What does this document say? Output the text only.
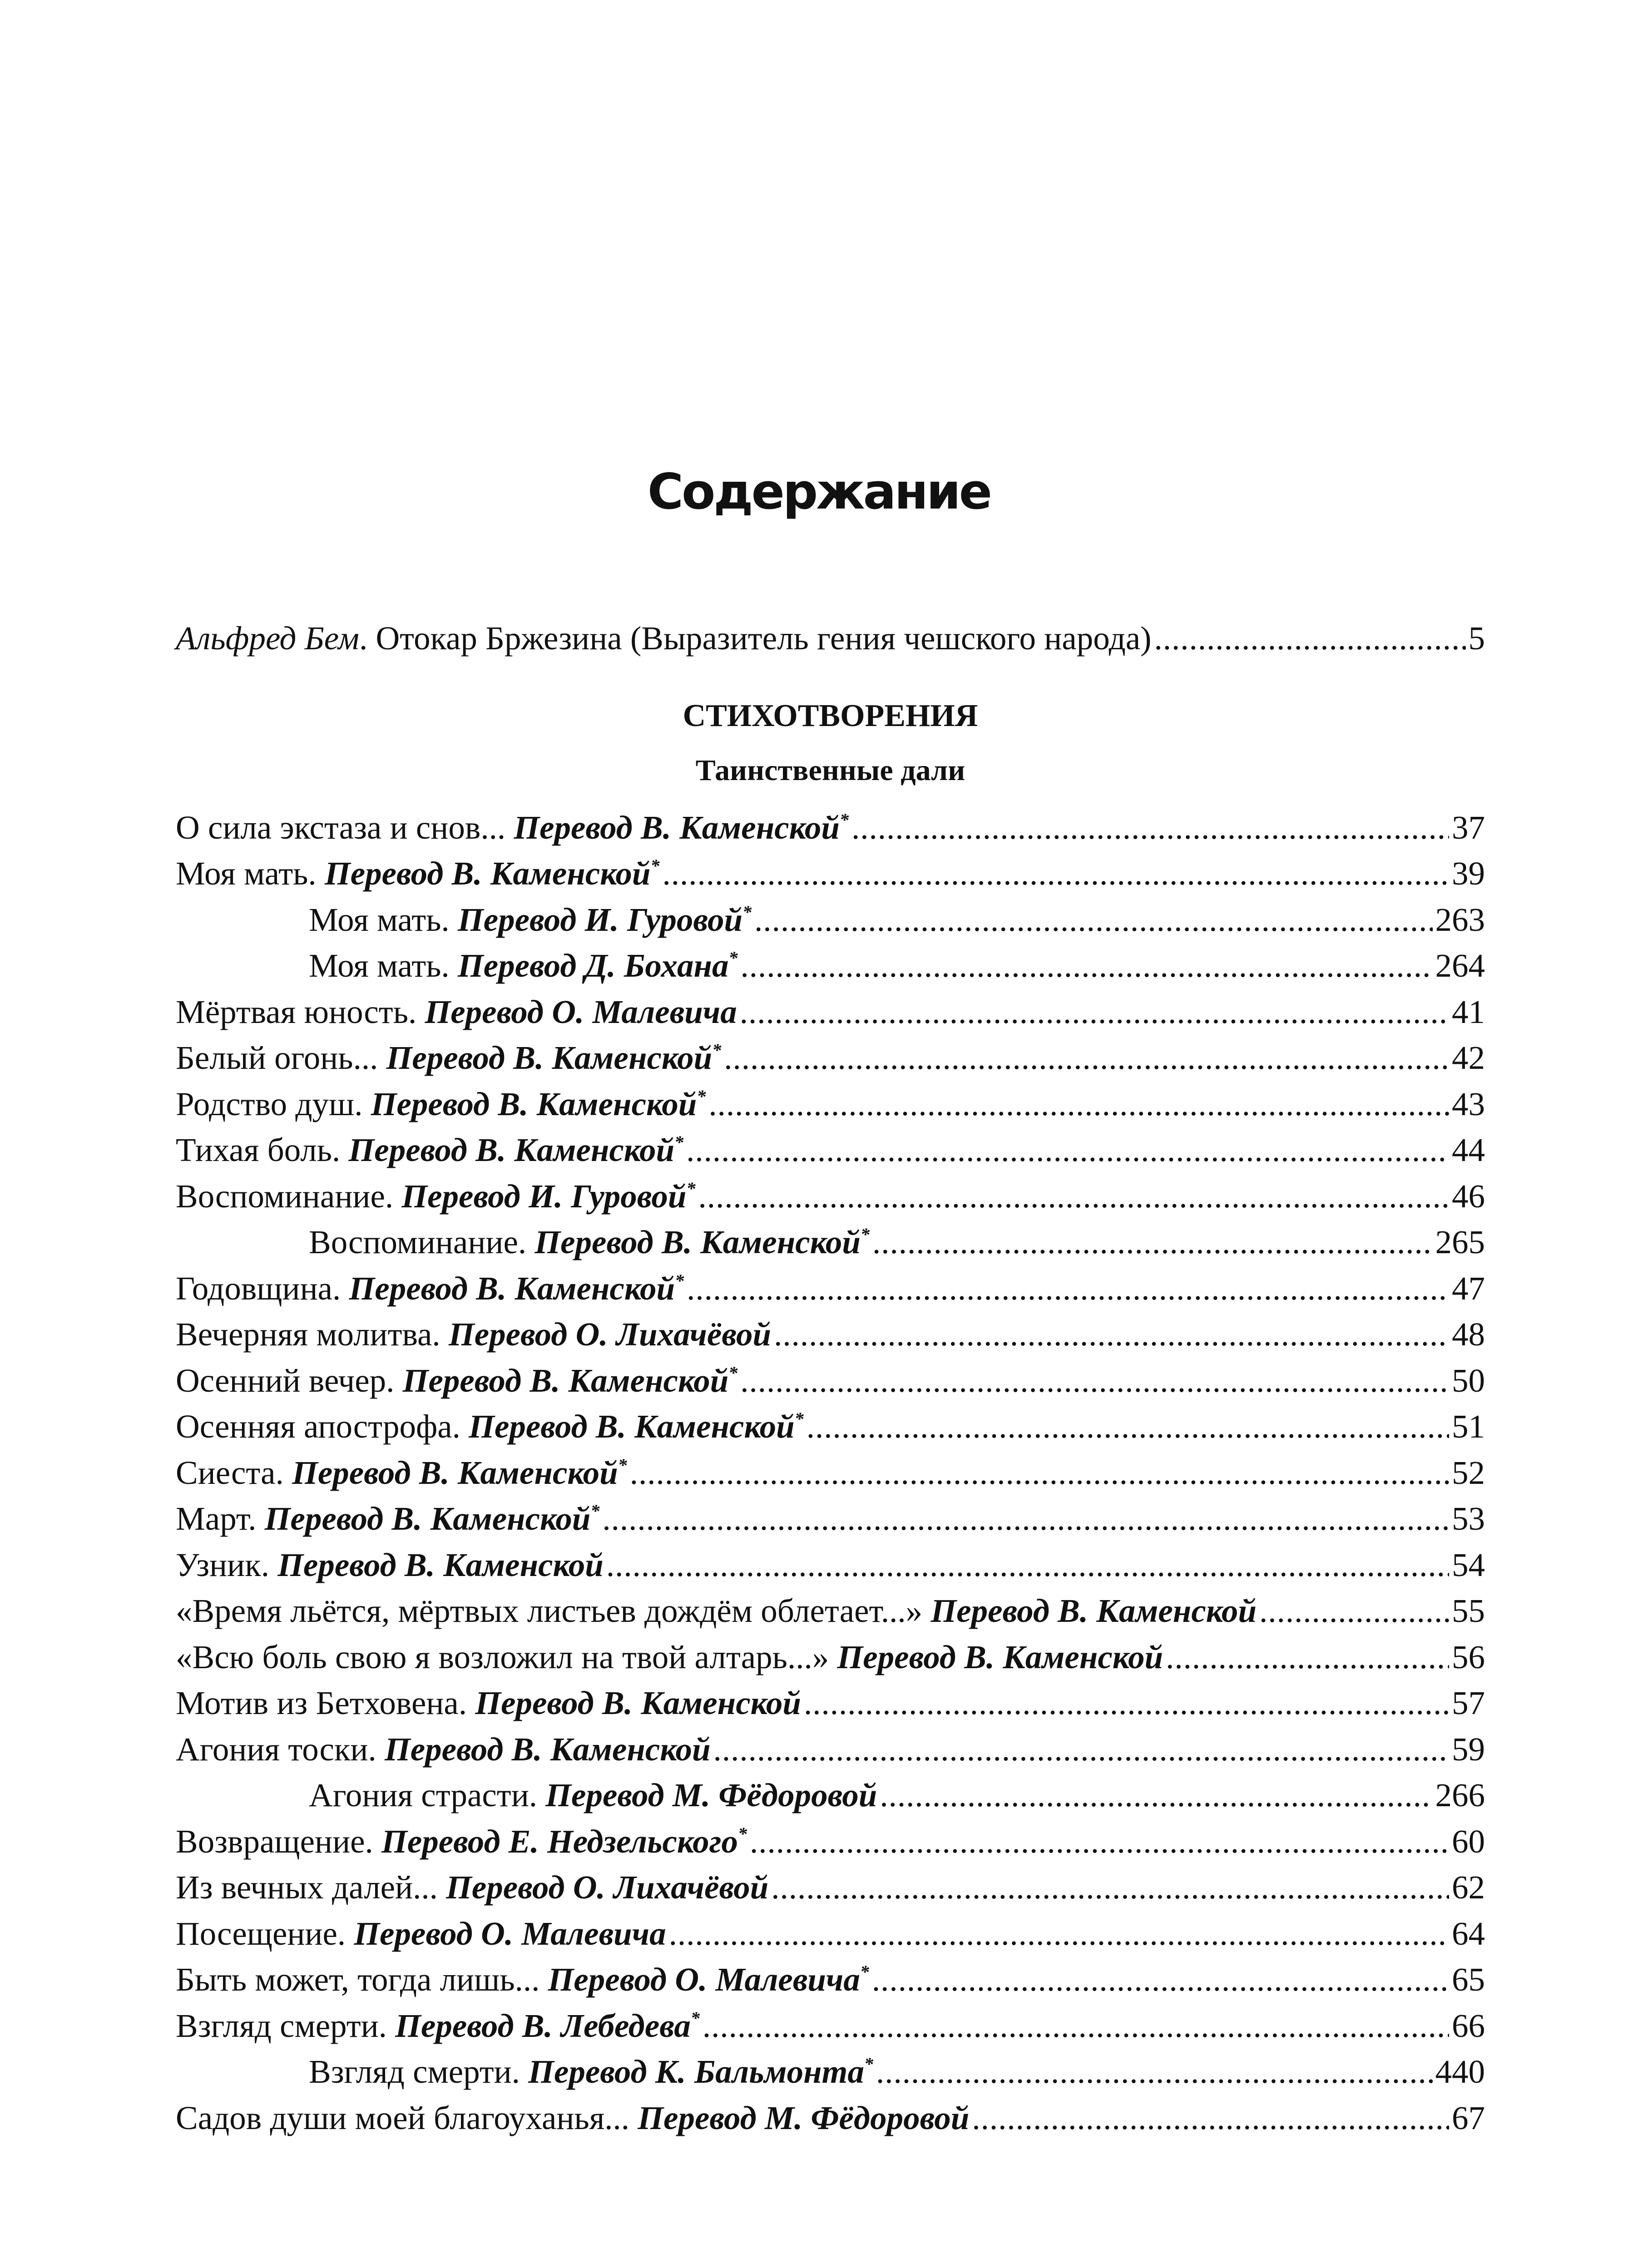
Содержание
Альфред Бем. Отокар Бржезина (Выразитель гения чешского народа) .....	5
СТИХОТВОРЕНИЯ
Таинственные дали
О сила экстаза и снов... Перевод В. Каменской* .....	37
Моя мать. Перевод В. Каменской* .....	39
Моя мать. Перевод И. Гуровой* .....	263
Моя мать. Перевод Д. Бохана* .....	264
Мёртвая юность. Перевод О. Малевича .....	41
Белый огонь... Перевод В. Каменской* .....	42
Родство душ. Перевод В. Каменской* .....	43
Тихая боль. Перевод В. Каменской* .....	44
Воспоминание. Перевод И. Гуровой* .....	46
Воспоминание. Перевод В. Каменской* .....	265
Годовщина. Перевод В. Каменской* .....	47
Вечерняя молитва. Перевод О. Лихачёвой .....	48
Осенний вечер. Перевод В. Каменской* .....	50
Осенняя апострофа. Перевод В. Каменской* .....	51
Сиеста. Перевод В. Каменской* .....	52
Март. Перевод В. Каменской* .....	53
Узник. Перевод В. Каменской .....	54
«Время льётся, мёртвых листьев дождём облетает...» Перевод В. Каменской .....	55
«Всю боль свою я возложил на твой алтарь...» Перевод В. Каменской .....	56
Мотив из Бетховена. Перевод В. Каменской .....	57
Агония тоски. Перевод В. Каменской .....	59
Агония страсти. Перевод М. Фёдоровой .....	266
Возвращение. Перевод Е. Недзельского* .....	60
Из вечных далей... Перевод О. Лихачёвой .....	62
Посещение. Перевод О. Малевича .....	64
Быть может, тогда лишь... Перевод О. Малевича* .....	65
Взгляд смерти. Перевод В. Лебедева* .....	66
Взгляд смерти. Перевод К. Бальмонта* .....	440
Садов души моей благоуханья... Перевод М. Фёдоровой .....	67
